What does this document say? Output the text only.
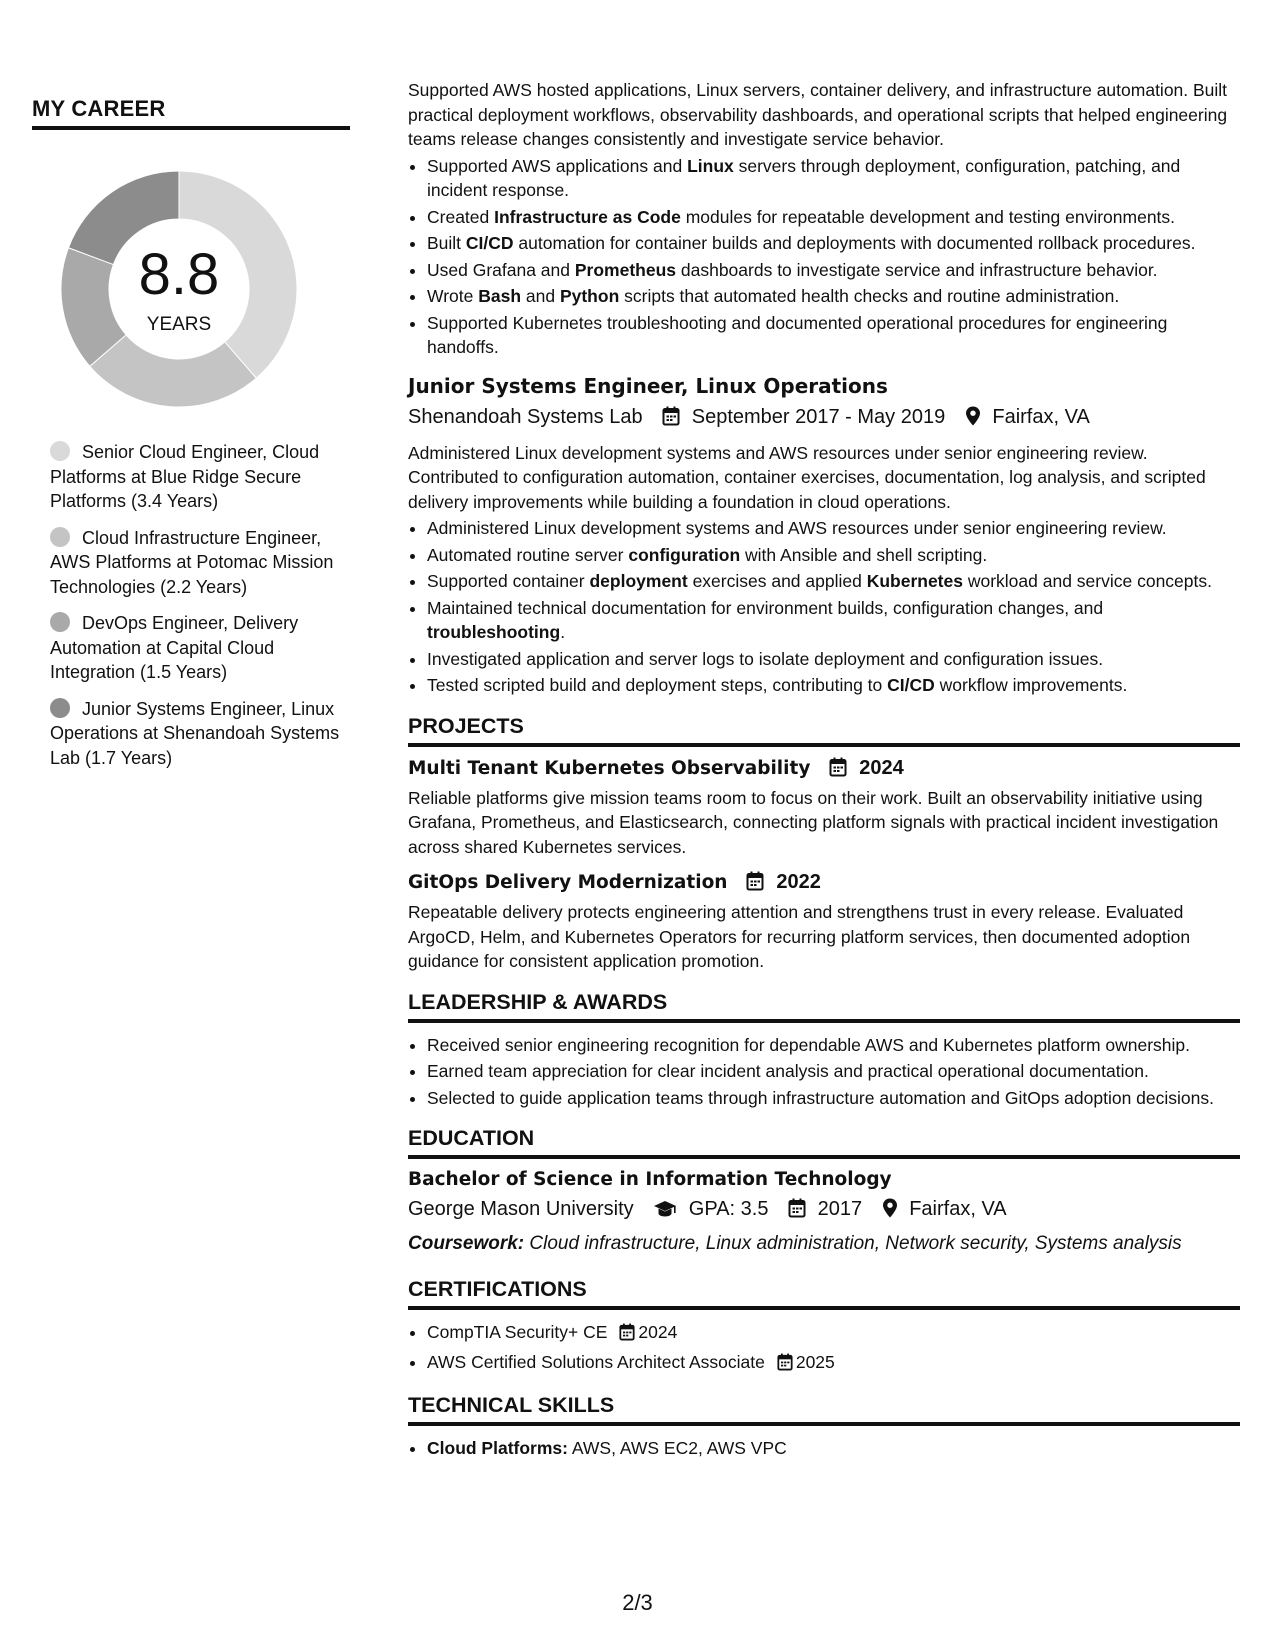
MY CAREER
8.8
YEARS
Senior Cloud Engineer, Cloud Platforms at Blue Ridge Secure Platforms (3.4 Years)
Cloud Infrastructure Engineer, AWS Platforms at Potomac Mission Technologies (2.2 Years)
DevOps Engineer, Delivery Automation at Capital Cloud Integration (1.5 Years)
Junior Systems Engineer, Linux Operations at Shenandoah Systems Lab (1.7 Years)

Supported AWS hosted applications, Linux servers, container delivery, and infrastructure automation. Built practical deployment workflows, observability dashboards, and operational scripts that helped engineering teams release changes consistently and investigate service behavior.

• Supported AWS applications and Linux servers through deployment, configuration, patching, and incident response.
• Created Infrastructure as Code modules for repeatable development and testing environments.
• Built CI/CD automation for container builds and deployments with documented rollback procedures.
• Used Grafana and Prometheus dashboards to investigate service and infrastructure behavior.
• Wrote Bash and Python scripts that automated health checks and routine administration.
• Supported Kubernetes troubleshooting and documented operational procedures for engineering handoffs.
Junior Systems Engineer, Linux Operations
Shenandoah Systems Lab September 2017 - May 2019 Fairfax, VA

Administered Linux development systems and AWS resources under senior engineering review. Contributed to configuration automation, container exercises, documentation, log analysis, and scripted delivery improvements while building a foundation in cloud operations.

• Administered Linux development systems and AWS resources under senior engineering review.
• Automated routine server configuration with Ansible and shell scripting.
• Supported container deployment exercises and applied Kubernetes workload and service concepts.
• Maintained technical documentation for environment builds, configuration changes, and troubleshooting.
• Investigated application and server logs to isolate deployment and configuration issues.
• Tested scripted build and deployment steps, contributing to CI/CD workflow improvements.
PROJECTS
Multi Tenant Kubernetes Observability 2024

Reliable platforms give mission teams room to focus on their work. Built an observability initiative using Grafana, Prometheus, and Elasticsearch, connecting platform signals with practical incident investigation across shared Kubernetes services.

GitOps Delivery Modernization 2022

Repeatable delivery protects engineering attention and strengthens trust in every release. Evaluated ArgoCD, Helm, and Kubernetes Operators for recurring platform services, then documented adoption guidance for consistent application promotion.

LEADERSHIP & AWARDS
• Received senior engineering recognition for dependable AWS and Kubernetes platform ownership.
• Earned team appreciation for clear incident analysis and practical operational documentation.
• Selected to guide application teams through infrastructure automation and GitOps adoption decisions.
EDUCATION
Bachelor of Science in Information Technology
George Mason University	GPA: 3.5 2017 Fairfax, VA

Coursework: Cloud infrastructure, Linux administration, Network security, Systems analysis

CERTIFICATIONS
• CompTIA Security+ CE 2024
• AWS Certified Solutions Architect Associate 2025
TECHNICAL SKILLS
• Cloud Platforms: AWS, AWS EC2, AWS VPC
2/3
